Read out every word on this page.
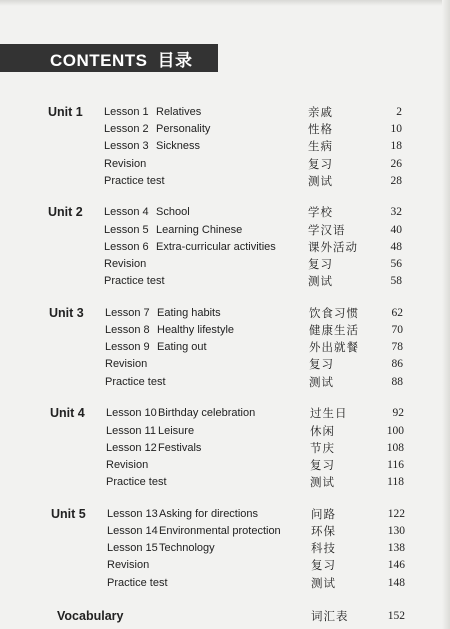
CONTENTS 目录
Unit 1 Lesson 1 Relatives	亲戚	2
Lesson 2 Personality	性格	10
Lesson 3 Sickness	生病	18
Revision	复习	26
Practice test	测试	28
Unit 2 Lesson 4 School	学校	32
Lesson 5 Learning Chinese	学汉语	40
Lesson 6 Extra-curricular activities	课外活动	48
Revision	复习	56
Practice test	测试	58
Unit 3 Lesson 7 Eating habits	饮食习惯	62
Lesson 8 Healthy lifestyle	健康生活	70
Lesson 9 Eating out	外出就餐	78
Revision	复习	86
Practice test	测试	88
Unit 4 Lesson 10Birthday celebration	过生日	92
Lesson 11 Leisure	休闲	100
Lesson 12Festivals	节庆	108
Revision	复习	116
Practice test	测试	118
Unit 5 Lesson 13Asking for directions	问路	122
Lesson 14Environmental protection	环保	130
Lesson 15Technology	科技	138
Revision	复习	146
Practice test	测试	148
Vocabulary	词汇表	152
